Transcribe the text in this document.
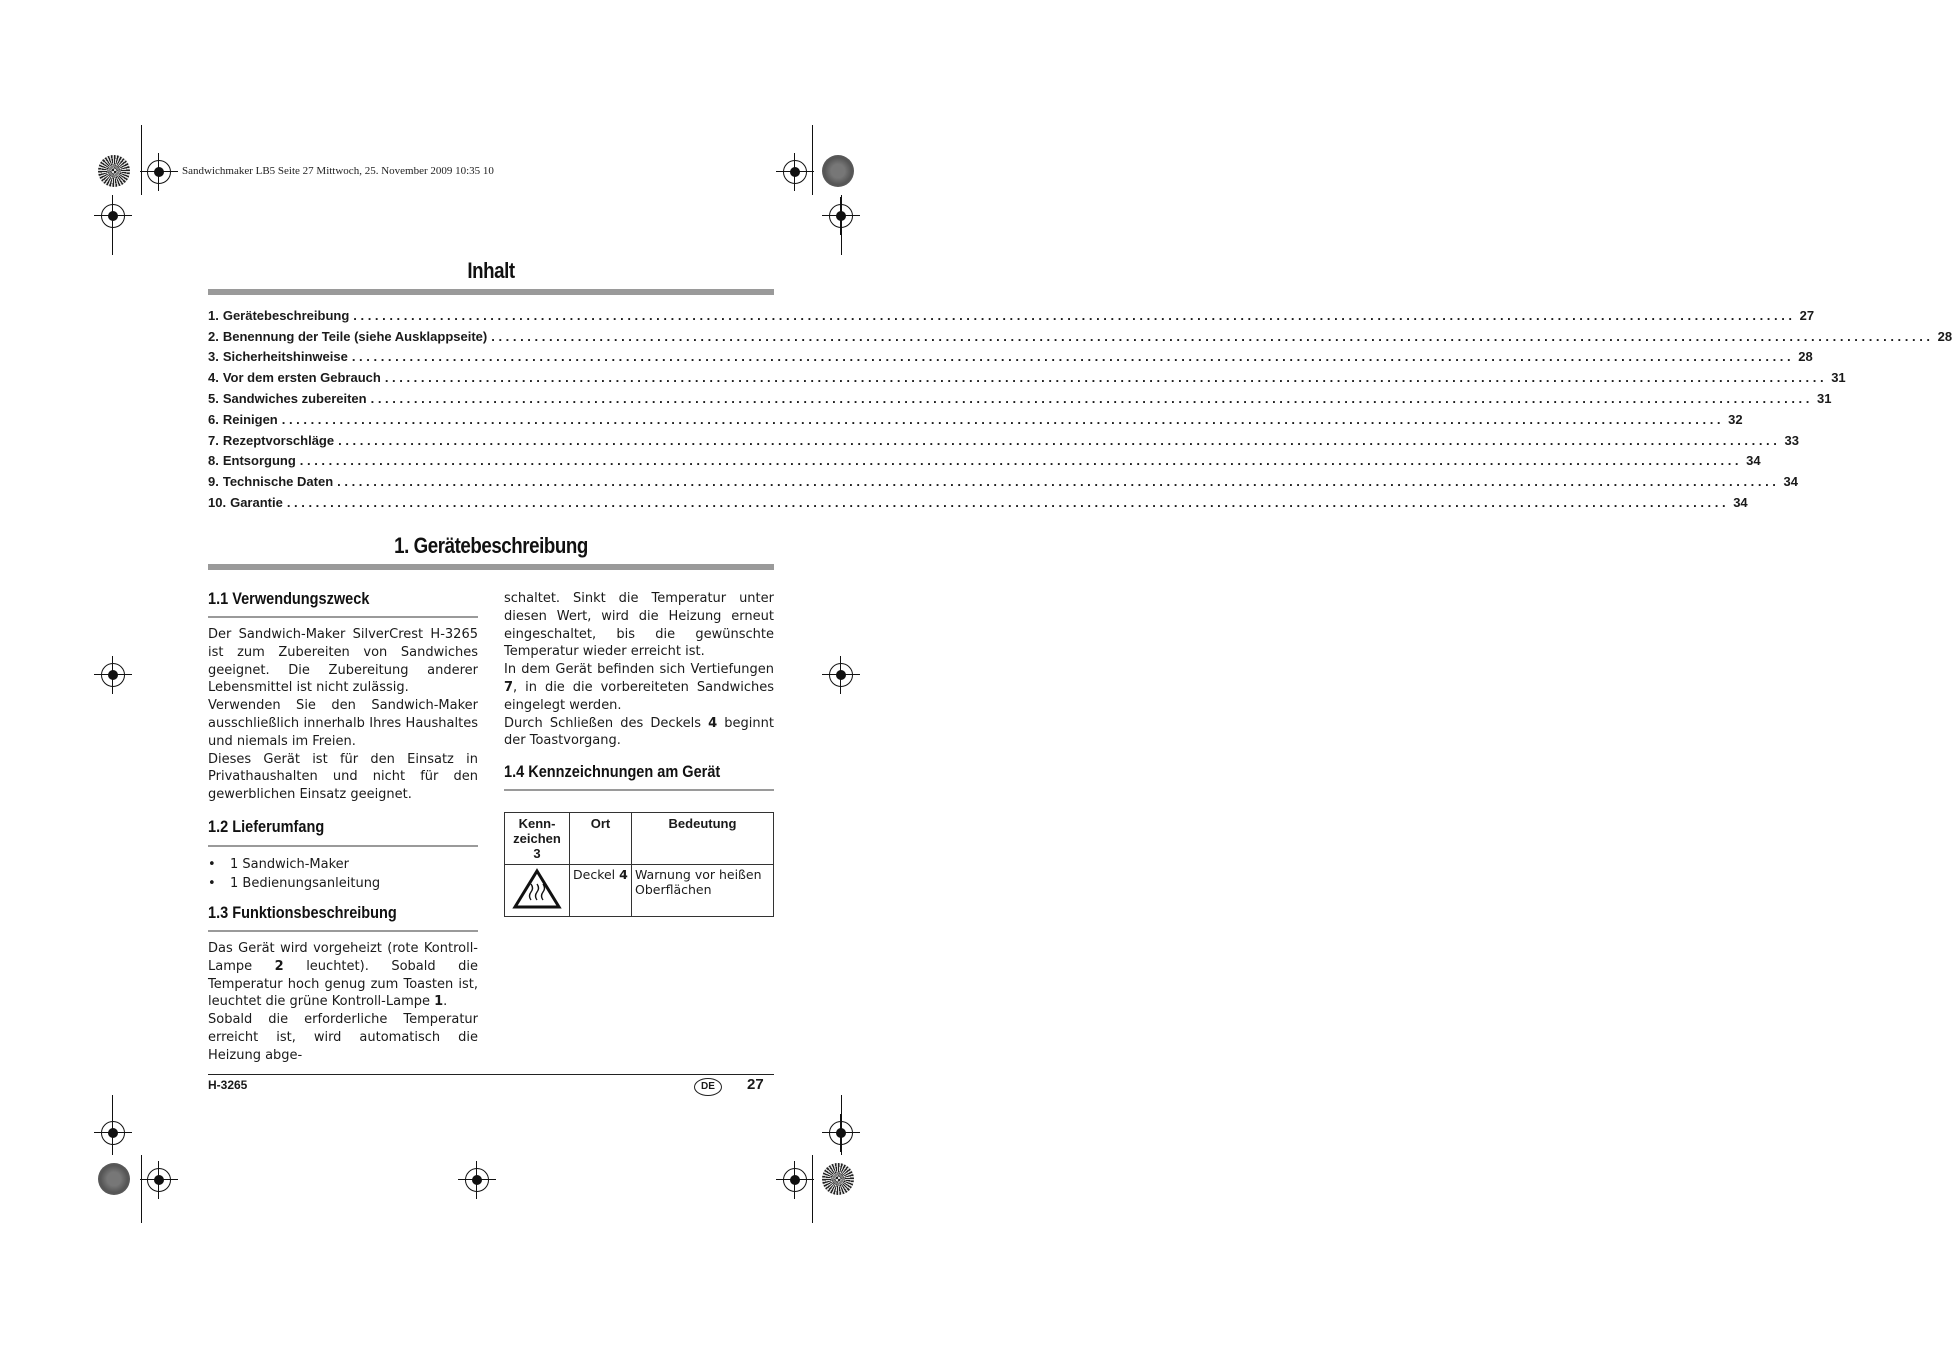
Sandwichmaker LB5 Seite 27 Mittwoch, 25. November 2009 10:35 10
Inhalt
1. Gerätebeschreibung ........................................................................................................................................................................................................ 27
2. Benennung der Teile (siehe Ausklappseite) ........................................................................................................................................................................................................ 28
3. Sicherheitshinweise ........................................................................................................................................................................................................ 28
4. Vor dem ersten Gebrauch ........................................................................................................................................................................................................ 31
5. Sandwiches zubereiten ........................................................................................................................................................................................................ 31
6. Reinigen ........................................................................................................................................................................................................ 32
7. Rezeptvorschläge ........................................................................................................................................................................................................ 33
8. Entsorgung ........................................................................................................................................................................................................ 34
9. Technische Daten ........................................................................................................................................................................................................ 34
10. Garantie ........................................................................................................................................................................................................ 34
1. Gerätebeschreibung
1.1 Verwendungszweck

Der Sandwich-Maker SilverCrest H-3265 ist zum Zubereiten von Sandwiches geeignet. Die Zubereitung anderer Lebensmittel ist nicht zulässig.

Verwenden Sie den Sandwich-Maker ausschließlich innerhalb Ihres Haushaltes und niemals im Freien.

Dieses Gerät ist für den Einsatz in Privathaushalten und nicht für den gewerblichen Einsatz geeignet.

1.2 Lieferumfang
• 1 Sandwich-Maker
• 1 Bedienungsanleitung
1.3 Funktionsbeschreibung

Das Gerät wird vorgeheizt (rote Kontroll-Lampe 2 leuchtet). Sobald die Temperatur hoch genug zum Toasten ist, leuchtet die grüne Kontroll-Lampe 1.

Sobald die erforderliche Temperatur erreicht ist, wird automatisch die Heizung abge-

schaltet. Sinkt die Temperatur unter diesen Wert, wird die Heizung erneut eingeschaltet, bis die gewünschte Temperatur wieder erreicht ist.

In dem Gerät befinden sich Vertiefungen 7, in die die vorbereiteten Sandwiches eingelegt werden.

Durch Schließen des Deckels 4 beginnt der Toastvorgang.

1.4 Kennzeichnungen am Gerät
Kenn-zeichen 3	Ort	Bedeutung
	Deckel 4	Warnung vor heißen Oberflächen
H-3265	DE	27
